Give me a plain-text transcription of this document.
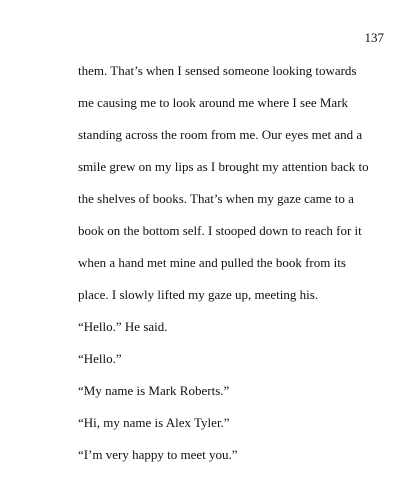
137
them. That’s when I sensed someone looking towards
me causing me to look around me where I see Mark
standing across the room from me. Our eyes met and a
smile grew on my lips as I brought my attention back to
the shelves of books. That’s when my gaze came to a
book on the bottom self. I stooped down to reach for it
when a hand met mine and pulled the book from its
place. I slowly lifted my gaze up, meeting his.
“Hello.” He said.
“Hello.”
“My name is Mark Roberts.”
“Hi, my name is Alex Tyler.”
“I’m very happy to meet you.”
